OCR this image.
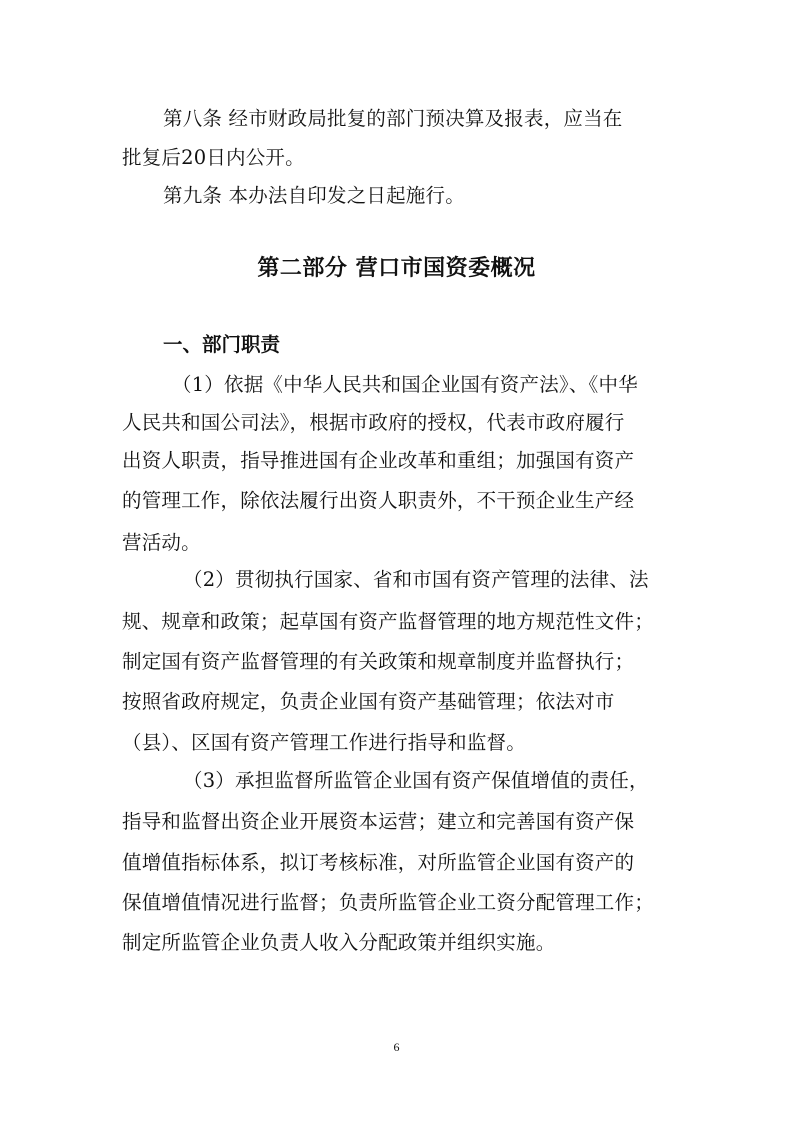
第八条 经市财政局批复的部门预决算及报表，应当在
批复后20日内公开。
第九条 本办法自印发之日起施行。
第二部分 营口市国资委概况
一、部门职责
（1）依据《中华人民共和国企业国有资产法》、《中华
人民共和国公司法》，根据市政府的授权，代表市政府履行
出资人职责，指导推进国有企业改革和重组；加强国有资产
的管理工作，除依法履行出资人职责外，不干预企业生产经
营活动。
（2）贯彻执行国家、省和市国有资产管理的法律、法
规、规章和政策；起草国有资产监督管理的地方规范性文件；
制定国有资产监督管理的有关政策和规章制度并监督执行；
按照省政府规定，负责企业国有资产基础管理；依法对市
（县）、区国有资产管理工作进行指导和监督。
（3）承担监督所监管企业国有资产保值增值的责任，
指导和监督出资企业开展资本运营；建立和完善国有资产保
值增值指标体系，拟订考核标准，对所监管企业国有资产的
保值增值情况进行监督；负责所监管企业工资分配管理工作；
制定所监管企业负责人收入分配政策并组织实施。
6
